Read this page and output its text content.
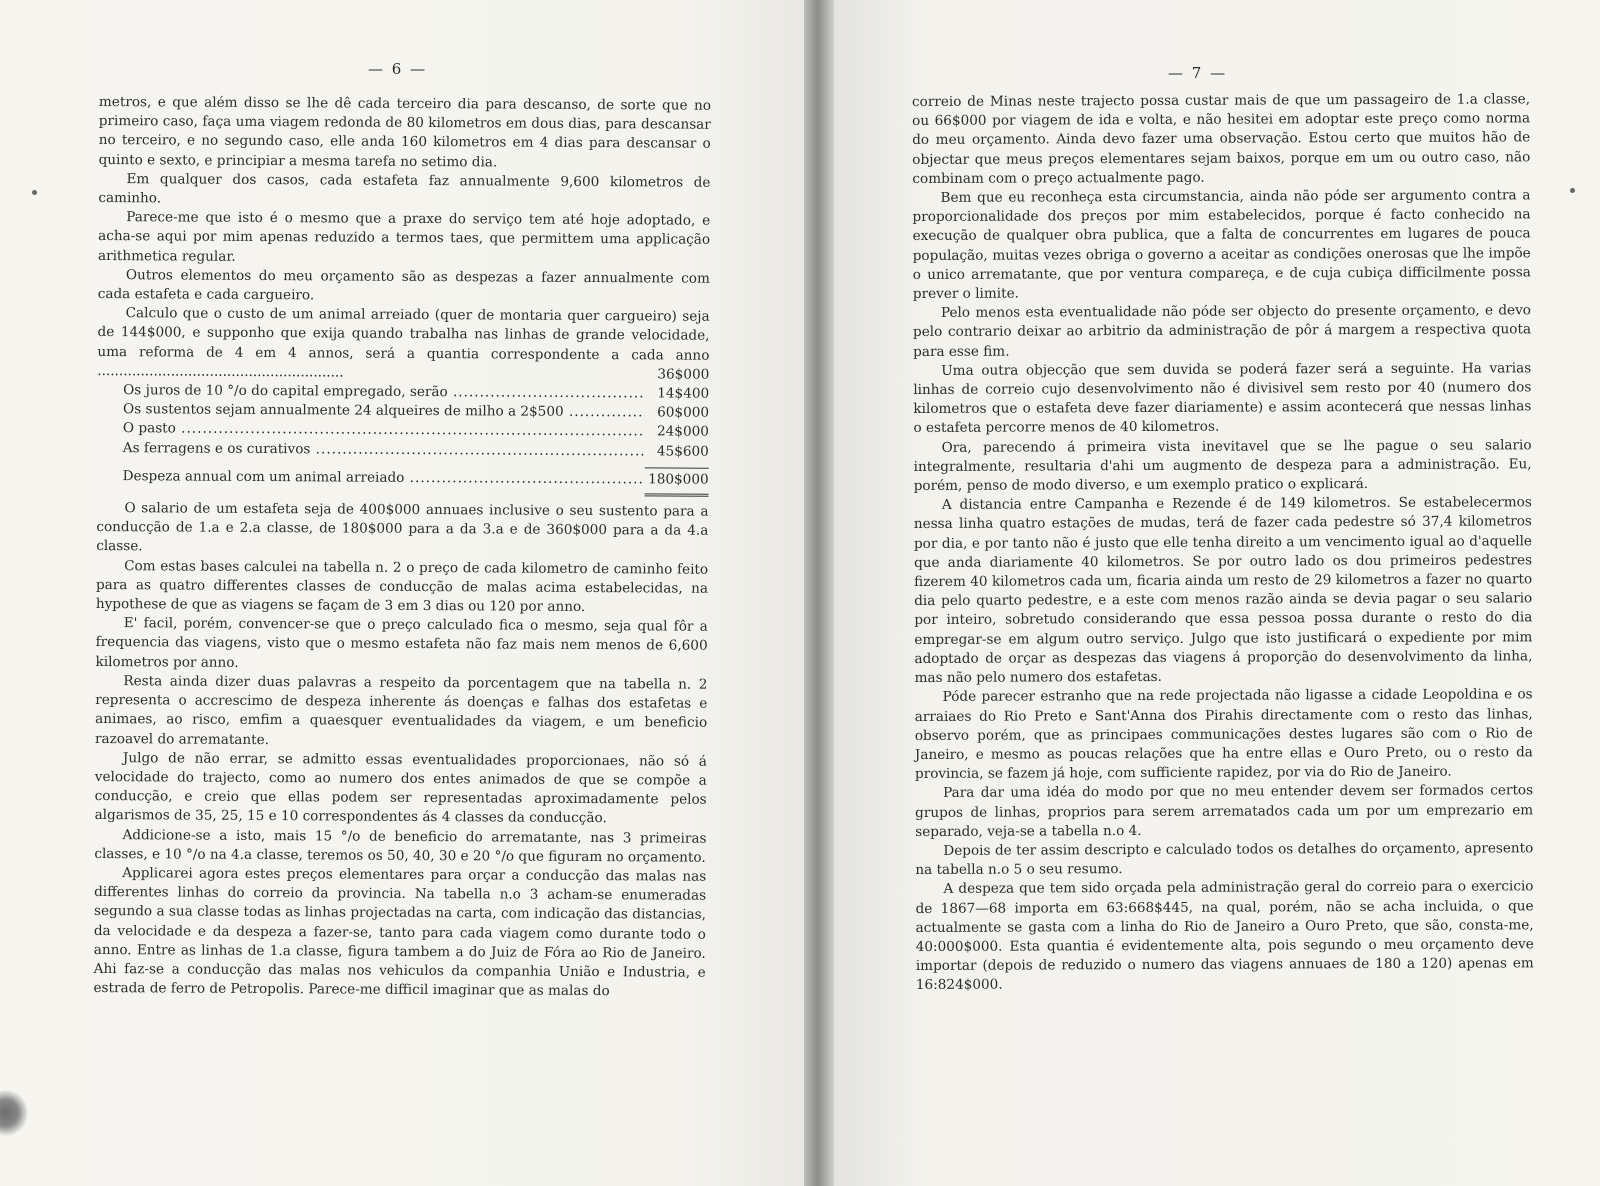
— 6 —

metros, e que além disso se lhe dê cada terceiro dia para descanso, de sorte que no primeiro caso, faça uma viagem redonda de 80 kilometros em dous dias, para descansar no terceiro, e no segundo caso, elle anda 160 kilometros em 4 dias para descansar o quinto e sexto, e principiar a mesma tarefa no setimo dia.

Em qualquer dos casos, cada estafeta faz annualmente 9,600 kilometros de caminho.

Parece-me que isto é o mesmo que a praxe do serviço tem até hoje adoptado, e acha-se aqui por mim apenas reduzido a termos taes, que permittem uma applicação arithmetica regular.

Outros elementos do meu orçamento são as despezas a fazer annualmente com cada estafeta e cada cargueiro.

Calculo que o custo de um animal arreiado (quer de montaria quer cargueiro) seja de 144$000, e supponho que exija quando trabalha nas linhas de grande velocidade, uma reforma de 4 em 4 annos, será a quantia correspondente a cada anno .........................................................	36$000

Os juros de 10 °/o do capital empregado, serão .....	14$400
Os sustentos sejam annualmente 24 alqueires de milho a 2$500 .....	60$000
O pasto .....	24$000
As ferragens e os curativos .....	45$600
Despeza annual com um animal arreiado .....	180$000

O salario de um estafeta seja de 400$000 annuaes inclusive o seu sustento para a conducção de 1.a e 2.a classe, de 180$000 para a da 3.a e de 360$000 para a da 4.a classe.

Com estas bases calculei na tabella n. 2 o preço de cada kilometro de caminho feito para as quatro differentes classes de conducção de malas acima estabelecidas, na hypothese de que as viagens se façam de 3 em 3 dias ou 120 por anno.

E' facil, porém, convencer-se que o preço calculado fica o mesmo, seja qual fôr a frequencia das viagens, visto que o mesmo estafeta não faz mais nem menos de 6,600 kilometros por anno.

Resta ainda dizer duas palavras a respeito da porcentagem que na tabella n. 2 representa o accrescimo de despeza inherente ás doenças e falhas dos estafetas e animaes, ao risco, emfim a quaesquer eventualidades da viagem, e um beneficio razoavel do arrematante.

Julgo de não errar, se admitto essas eventualidades proporcionaes, não só á velocidade do trajecto, como ao numero dos entes animados de que se compõe a conducção, e creio que ellas podem ser representadas aproximadamente pelos algarismos de 35, 25, 15 e 10 correspondentes ás 4 classes da conducção.

Addicione-se a isto, mais 15 °/o de beneficio do arrematante, nas 3 primeiras classes, e 10 °/o na 4.a classe, teremos os 50, 40, 30 e 20 °/o que figuram no orçamento.

Applicarei agora estes preços elementares para orçar a conducção das malas nas differentes linhas do correio da provincia. Na tabella n.o 3 acham-se enumeradas segundo a sua classe todas as linhas projectadas na carta, com indicação das distancias, da velocidade e da despeza a fazer-se, tanto para cada viagem como durante todo o anno. Entre as linhas de 1.a classe, figura tambem a do Juiz de Fóra ao Rio de Janeiro. Ahi faz-se a conducção das malas nos vehiculos da companhia União e Industria, e estrada de ferro de Petropolis. Parece-me difficil imaginar que as malas do

— 7 —

correio de Minas neste trajecto possa custar mais de que um passageiro de 1.a classe, ou 66$000 por viagem de ida e volta, e não hesitei em adoptar este preço como norma do meu orçamento. Ainda devo fazer uma observação. Estou certo que muitos hão de objectar que meus preços elementares sejam baixos, porque em um ou outro caso, não combinam com o preço actualmente pago.

Bem que eu reconheça esta circumstancia, ainda não póde ser argumento contra a proporcionalidade dos preços por mim estabelecidos, porque é facto conhecido na execução de qualquer obra publica, que a falta de concurrentes em lugares de pouca população, muitas vezes obriga o governo a aceitar as condições onerosas que lhe impõe o unico arrematante, que por ventura compareça, e de cuja cubiça difficilmente possa prever o limite.

Pelo menos esta eventualidade não póde ser objecto do presente orçamento, e devo pelo contrario deixar ao arbitrio da administração de pôr á margem a respectiva quota para esse fim.

Uma outra objecção que sem duvida se poderá fazer será a seguinte. Ha varias linhas de correio cujo desenvolvimento não é divisivel sem resto por 40 (numero dos kilometros que o estafeta deve fazer diariamente) e assim acontecerá que nessas linhas o estafeta percorre menos de 40 kilometros.

Ora, parecendo á primeira vista inevitavel que se lhe pague o seu salario integralmente, resultaria d'ahi um augmento de despeza para a administração. Eu, porém, penso de modo diverso, e um exemplo pratico o explicará.

A distancia entre Campanha e Rezende é de 149 kilometros. Se estabelecermos nessa linha quatro estações de mudas, terá de fazer cada pedestre só 37,4 kilometros por dia, e por tanto não é justo que elle tenha direito a um vencimento igual ao d'aquelle que anda diariamente 40 kilometros. Se por outro lado os dou primeiros pedestres fizerem 40 kilometros cada um, ficaria ainda um resto de 29 kilometros a fazer no quarto dia pelo quarto pedestre, e a este com menos razão ainda se devia pagar o seu salario por inteiro, sobretudo considerando que essa pessoa possa durante o resto do dia empregar-se em algum outro serviço. Julgo que isto justificará o expediente por mim adoptado de orçar as despezas das viagens á proporção do desenvolvimento da linha, mas não pelo numero dos estafetas.

Póde parecer estranho que na rede projectada não ligasse a cidade Leopoldina e os arraiaes do Rio Preto e Sant'Anna dos Pirahis directamente com o resto das linhas, observo porém, que as principaes communicações destes lugares são com o Rio de Janeiro, e mesmo as poucas relações que ha entre ellas e Ouro Preto, ou o resto da provincia, se fazem já hoje, com sufficiente rapidez, por via do Rio de Janeiro.

Para dar uma idéa do modo por que no meu entender devem ser formados certos grupos de linhas, proprios para serem arrematados cada um por um emprezario em separado, veja-se a tabella n.o 4.

Depois de ter assim descripto e calculado todos os detalhes do orçamento, apresento na tabella n.o 5 o seu resumo.

A despeza que tem sido orçada pela administração geral do correio para o exercicio de 1867—68 importa em 63:668$445, na qual, porém, não se acha incluida, o que actualmente se gasta com a linha do Rio de Janeiro a Ouro Preto, que são, consta-me, 40:000$000. Esta quantia é evidentemente alta, pois segundo o meu orçamento deve importar (depois de reduzido o numero das viagens annuaes de 180 a 120) apenas em 16:824$000.
